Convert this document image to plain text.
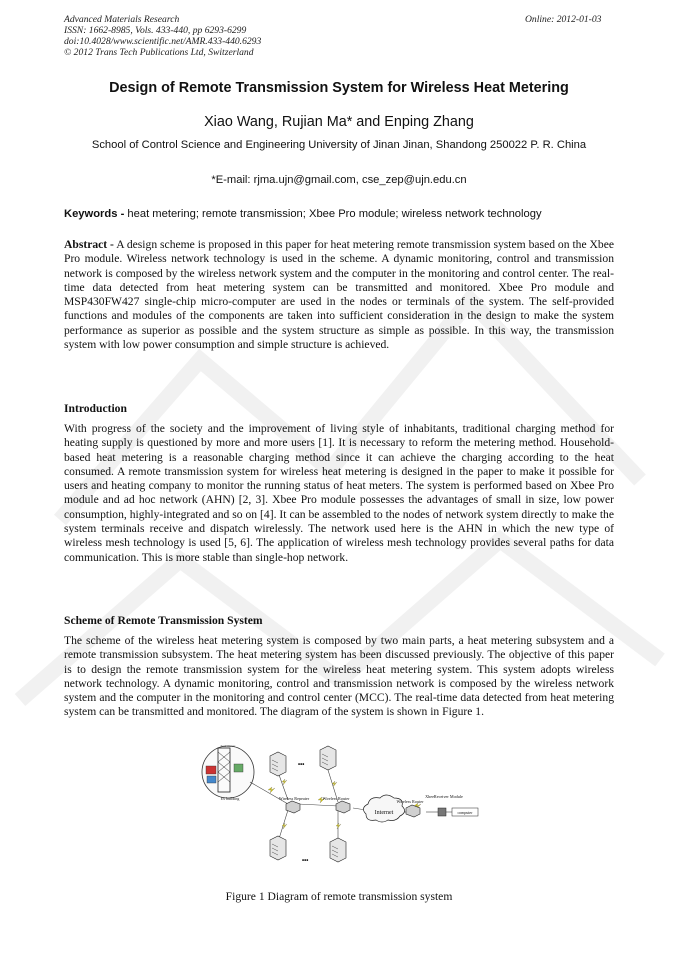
Advanced Materials Research
ISSN: 1662-8985, Vols. 433-440, pp 6293-6299
doi:10.4028/www.scientific.net/AMR.433-440.6293
© 2012 Trans Tech Publications Ltd, Switzerland
Online: 2012-01-03
Design of Remote Transmission System for Wireless Heat Metering
Xiao Wang, Rujian Ma* and Enping Zhang
School of Control Science and Engineering University of Jinan Jinan, Shandong 250022 P. R. China
*E-mail: rjma.ujn@gmail.com, cse_zep@ujn.edu.cn
Keywords - heat metering; remote transmission; Xbee Pro module; wireless network technology
Abstract - A design scheme is proposed in this paper for heat metering remote transmission system based on the Xbee Pro module. Wireless network technology is used in the scheme. A dynamic monitoring, control and transmission network is composed by the wireless network system and the computer in the monitoring and control center. The real-time data detected from heat metering system can be transmitted and monitored. Xbee Pro module and MSP430FW427 single-chip micro-computer are used in the nodes or terminals of the system. The self-provided functions and modules of the components are taken into sufficient consideration in the design to make the system performance as superior as possible and the system structure as simple as possible. In this way, the transmission system with low power consumption and simple structure is achieved.
Introduction
With progress of the society and the improvement of living style of inhabitants, traditional charging method for heating supply is questioned by more and more users [1]. It is necessary to reform the metering method. Household-based heat metering is a reasonable charging method since it can achieve the charging according to the heat consumed. A remote transmission system for wireless heat metering is designed in the paper to make it possible for users and heating company to monitor the running status of heat meters. The system is performed based on Xbee Pro module and ad hoc network (AHN) [2, 3]. Xbee Pro module possesses the advantages of small in size, low power consumption, highly-integrated and so on [4]. It can be assembled to the nodes of network system directly to make the system terminals receive and dispatch wirelessly. The network used here is the AHN in which the new type of wireless mesh technology is used [5, 6]. The application of wireless mesh technology provides several paths for data communication. This is more stable than single-hop network.
Scheme of Remote Transmission System
The scheme of the wireless heat metering system is composed by two main parts, a heat metering subsystem and a remote transmission subsystem. The heat metering system has been discussed previously. The objective of this paper is to design the remote transmission system for the wireless heat metering system. This system adopts wireless network technology. A dynamic monitoring, control and transmission network is composed by the wireless network system and the computer in the monitoring and control center (MCC). The real-time data detected from heat metering system can be transmitted and monitored. The diagram of the system is shown in Figure 1.
heat meter
Ex building
Internet	computer
Wireless Repeater	Wireless Router
Wireless Router
XbeeReceiver Module
•••
•••
Figure 1 Diagram of remote transmission system
